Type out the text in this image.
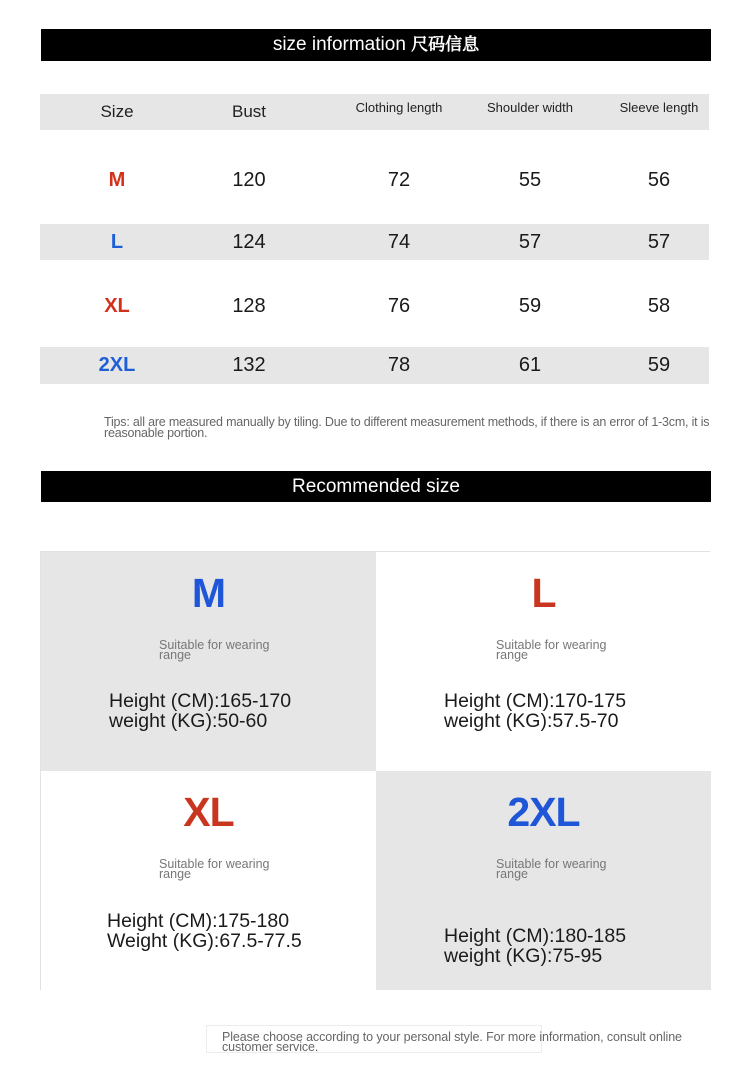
size information 尺码信息
Size	Bust	Clothing length	Shoulder width	Sleeve length
M	120	72	55	56
L	124	74	57	57
XL	128	76	59	58
2XL	132	78	61	59
Tips: all are measured manually by tiling. Due to different measurement methods, if there is an error of 1-3cm, it is reasonable portion.
Recommended size
M
Suitable for wearing range
Height (CM):165-170
weight (KG):50-60
L
Suitable for wearing range
Height (CM):170-175
weight (KG):57.5-70
XL
Suitable for wearing range
Height (CM):175-180
Weight (KG):67.5-77.5
2XL
Suitable for wearing range
Height (CM):180-185
weight (KG):75-95
Please choose according to your personal style. For more information, consult online customer service.
